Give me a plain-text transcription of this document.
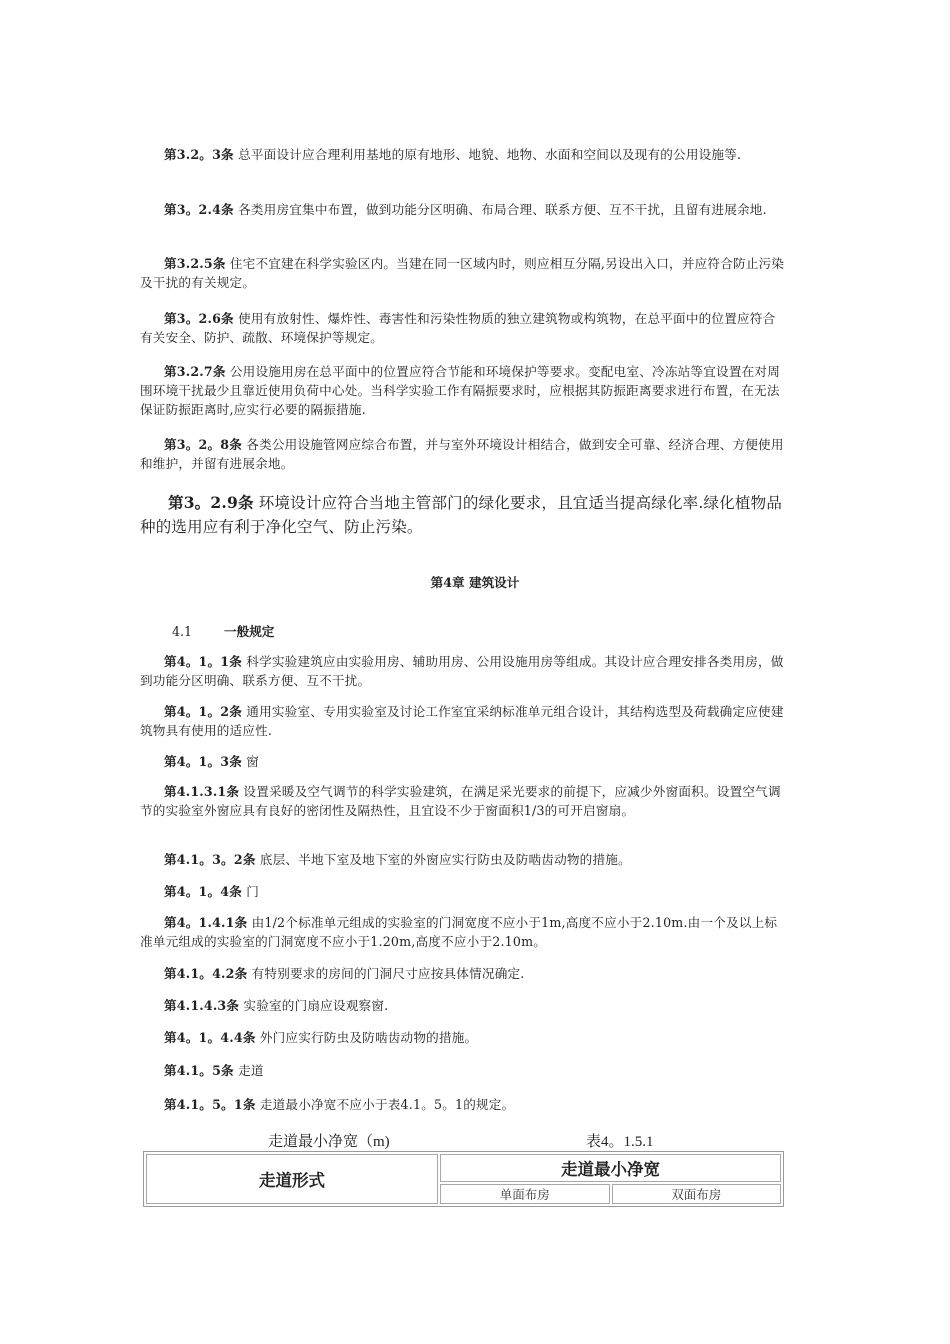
第3.2。3条 总平面设计应合理利用基地的原有地形、地貌、地物、水面和空间以及现有的公用设施等.

第3。2.4条 各类用房宜集中布置，做到功能分区明确、布局合理、联系方便、互不干扰，且留有进展余地.

第3.2.5条 住宅不宜建在科学实验区内。当建在同一区域内时，则应相互分隔,另设出入口，并应符合防止污染及干扰的有关规定。

第3。2.6条 使用有放射性、爆炸性、毒害性和污染性物质的独立建筑物或构筑物，在总平面中的位置应符合有关安全、防护、疏散、环境保护等规定。

第3.2.7条 公用设施用房在总平面中的位置应符合节能和环境保护等要求。变配电室、冷冻站等宜设置在对周围环境干扰最少且靠近使用负荷中心处。当科学实验工作有隔振要求时，应根据其防振距离要求进行布置，在无法保证防振距离时,应实行必要的隔振措施.

第3。2。8条 各类公用设施管网应综合布置，并与室外环境设计相结合，做到安全可靠、经济合理、方便使用和维护，并留有进展余地。

第3。2.9条 环境设计应符合当地主管部门的绿化要求，且宜适当提高绿化率.绿化植物品种的选用应有利于净化空气、防止污染。

第4章 建筑设计

4.1	一般规定

第4。1。1条 科学实验建筑应由实验用房、辅助用房、公用设施用房等组成。其设计应合理安排各类用房，做到功能分区明确、联系方便、互不干扰。

第4。1。2条 通用实验室、专用实验室及讨论工作室宜采纳标准单元组合设计，其结构选型及荷载确定应使建筑物具有使用的适应性.

第4。1。3条 窗

第4.1.3.1条 设置采暖及空气调节的科学实验建筑，在满足采光要求的前提下，应减少外窗面积。设置空气调节的实验室外窗应具有良好的密闭性及隔热性，且宜设不少于窗面积1/3的可开启窗扇。

第4.1。3。2条 底层、半地下室及地下室的外窗应实行防虫及防啮齿动物的措施。

第4。1。4条 门

第4。1.4.1条 由1/2个标准单元组成的实验室的门洞宽度不应小于1m,高度不应小于2.10m.由一个及以上标准单元组成的实验室的门洞宽度不应小于1.20m,高度不应小于2.10m。

第4.1。4.2条 有特别要求的房间的门洞尺寸应按具体情况确定.

第4.1.4.3条 实验室的门扇应设观察窗.

第4。1。4.4条 外门应实行防虫及防啮齿动物的措施。

第4.1。5条 走道

第4.1。5。1条 走道最小净宽不应小于表4.1。5。1的规定。

走道最小净宽（m)	表4。1.5.1
走道形式	走道最小净宽	
	单面布房	双面布房
